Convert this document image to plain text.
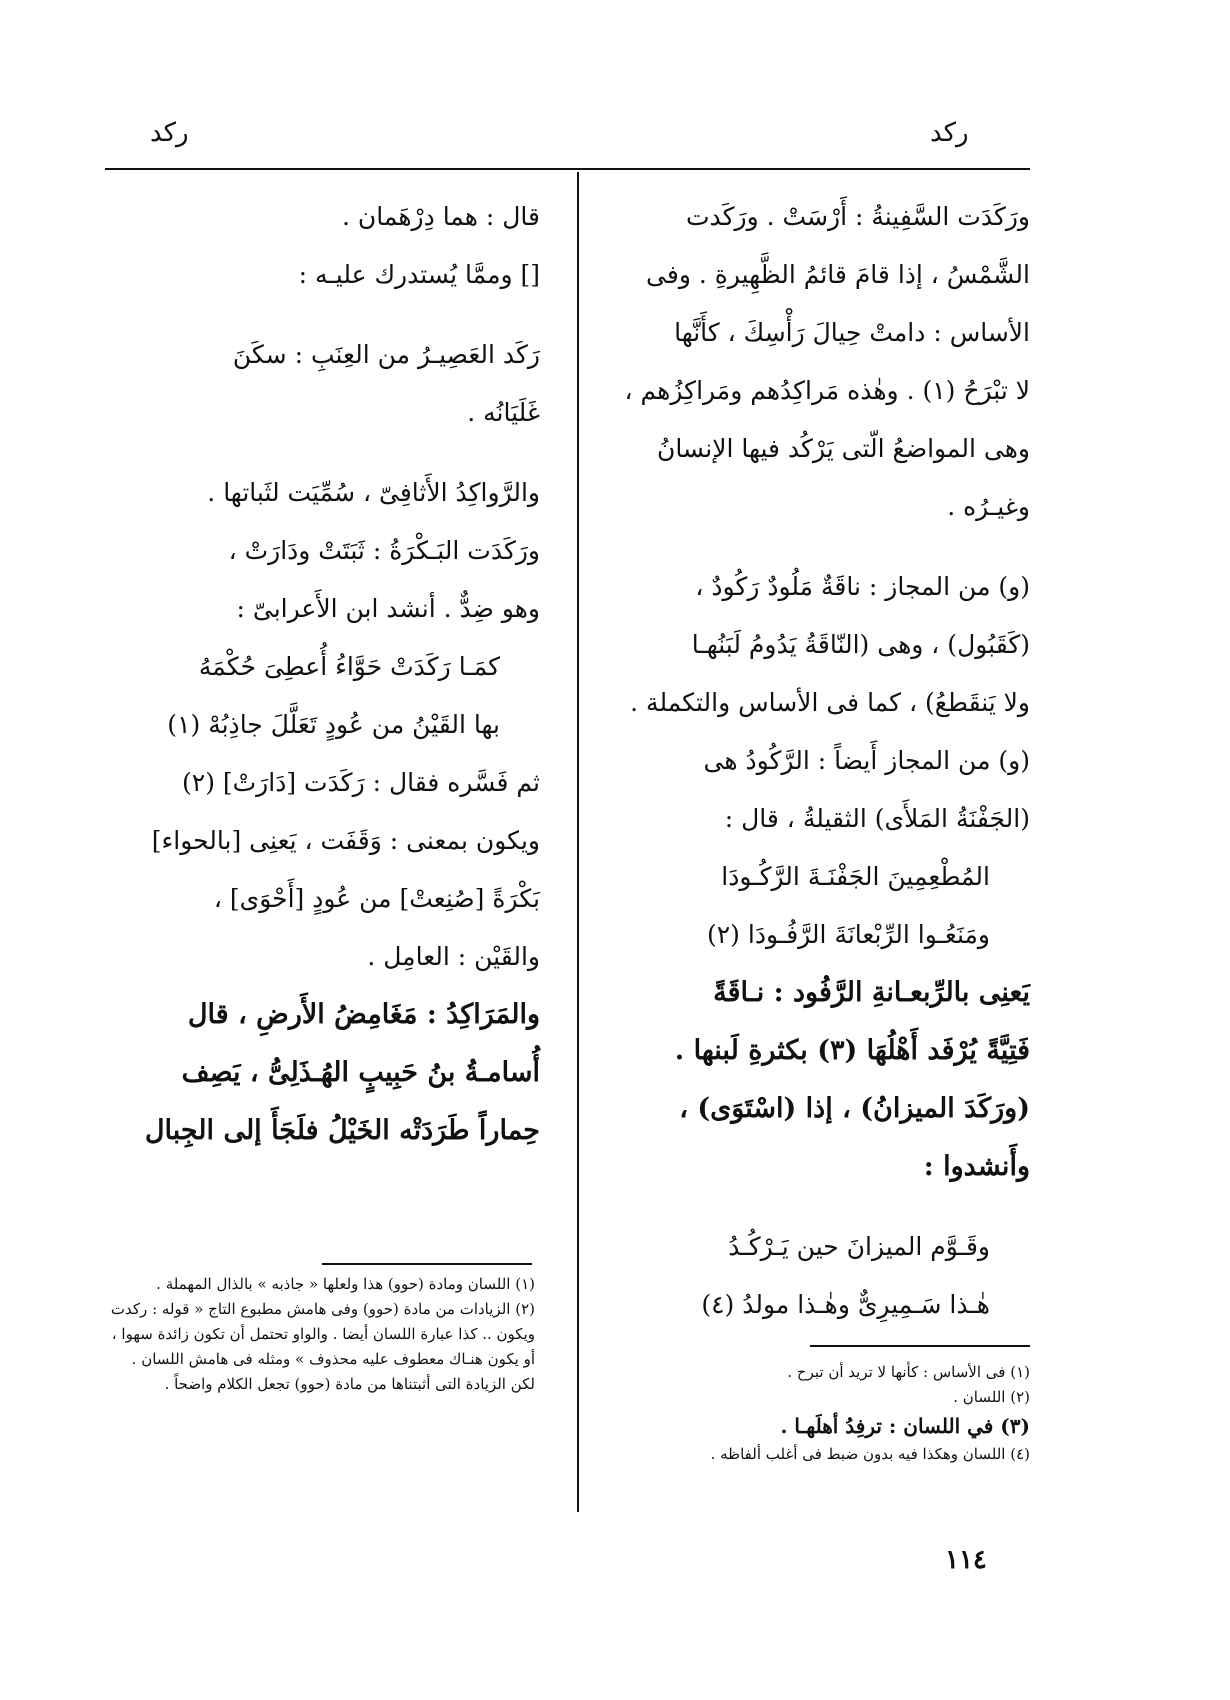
ركد
ركد

ورَكَدَت السَّفِينةُ : أَرْسَتْ . ورَكَدت

الشَّمْسُ ، إذا قامَ قائمُ الظَّهِيرةِ . وفى

الأساس : دامتْ حِيالَ رَأْسِكَ ، كأَنَّها

لا تبْرَحُ (١) . وهٰذه مَراكِدُهم ومَراكِزُهم ،

وهى المواضعُ الّتى يَرْكُد فيها الإنسانُ

وغيـرُه .

(و) من المجاز : ناقَةٌ مَلُودٌ رَكُودٌ ،

(كَقَبُول) ، وهى (النّاقَةُ يَدُومُ لَبَنُهـا

ولا يَنقَطعُ) ، كما فى الأساس والتكملة .

(و) من المجاز أَيضاً : الرَّكُودُ هى

(الجَفْنَةُ المَلأَى) الثقيلةُ ، قال :

المُطْعِمِينَ الجَفْنَـةَ الرَّكُـودَا

ومَنَعُـوا الرِّبْعانَةَ الرَّفُـودَا (٢)

يَعنِى بالرِّبعـانةِ الرَّفُود : نـاقَةً

فَتِيَّةً يُرْفَد أَهْلُهَا (٣) بكثرةِ لَبنها .

(ورَكَدَ الميزانُ) ، إذا (اسْتَوَى) ،

وأَنشدوا :

وقَـوَّم الميزانَ حين يَـرْكُـدُ

هٰـذا سَـمِيرِىٌّ وهٰـذا مولدُ (٤)

قال : هما دِرْهَمان .

[] وممَّا يُستدرك عليـه :

رَكَد العَصِيـرُ من العِنَبِ : سكَنَ

غَلَيَانُه .

والرَّواكِدُ الأَثافِىّ ، سُمِّيَت لثَباتها .

ورَكَدَت البَـكْرَةُ : ثَبَتَتْ ودَارَتْ ،

وهو ضِدٌّ . أنشد ابن الأَعرابىّ :

كمَـا رَكَدَتْ حَوَّاءُ أُعطِىَ حُكْمَهُ

بها القَيْنُ من عُودٍ تَعَلَّلَ جاذِبُهْ (١)

ثم فَسَّره فقال : رَكَدَت [دَارَتْ] (٢)

ويكون بمعنى : وَقَفَت ، يَعنِى [بالحواء]

بَكْرَةً [صُنِعتْ] من عُودٍ [أَحْوَى] ،

والقَيْن : العامِل .

والمَرَاكِدُ : مَغَامِضُ الأَرضِ ، قال

أُسامـةُ بنُ حَبِيبٍ الهُـذَلِىُّ ، يَصِف

حِماراً طَرَدَتْه الخَيْلُ فلَجَأَ إلى الجِبال

(١) فى الأساس : كأنها لا تريد أن تبرح .

(٢) اللسان .

(٣) في اللسان : ترفِدُ أهلَهـا .

(٤) اللسان وهكذا فيه بدون ضبط فى أغلب ألفاظه .

(١) اللسان ومادة (حوو) هذا ولعلها « جاذبه » بالذال المهملة .

(٢) الزيادات من مادة (حوو) وفى هامش مطبوع التاج « قوله : ركدت ويكون .. كذا عبارة اللسان أيضا . والواو تحتمل أن تكون زائدة سهوا ، أو يكون هنـاك معطوف عليه محذوف » ومثله فى هامش اللسان . لكن الزيادة التى أثبتناها من مادة (حوو) تجعل الكلام واضحاً .

١١٤
